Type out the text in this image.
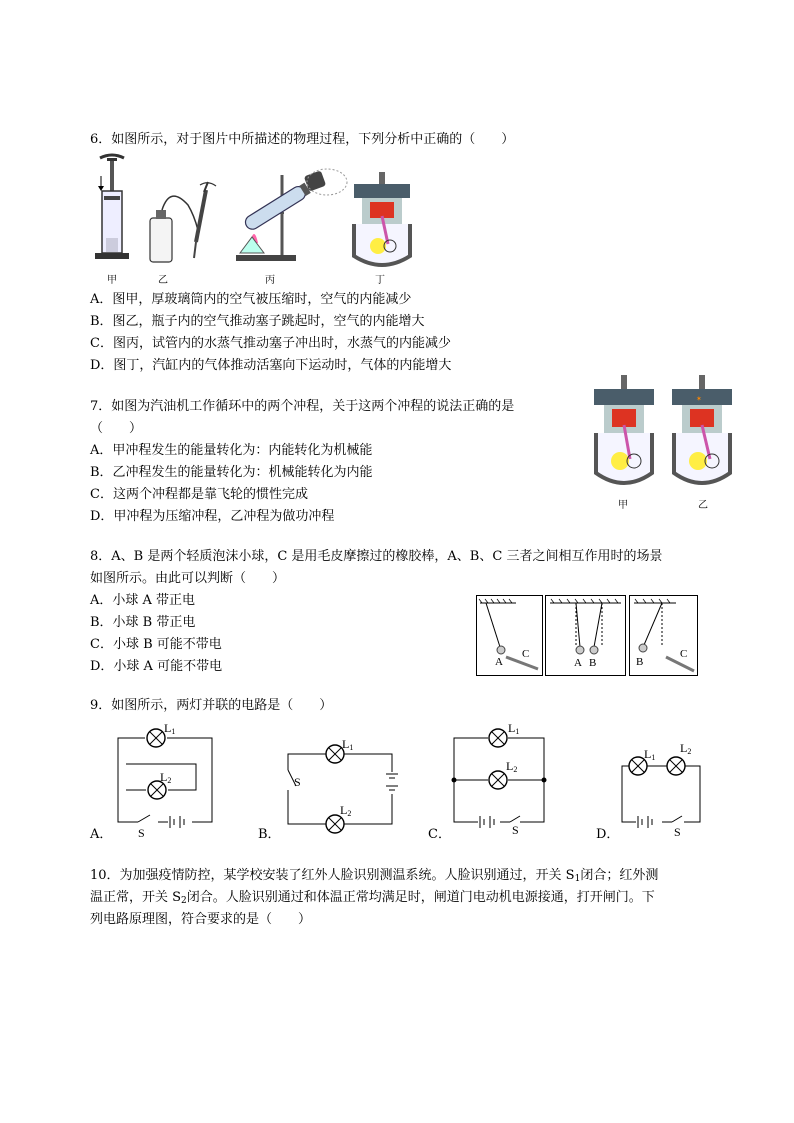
6．如图所示，对于图片中所描述的物理过程，下列分析中正确的（　　）
甲	乙	丙	丁
A．图甲，厚玻璃筒内的空气被压缩时，空气的内能减少
B．图乙，瓶子内的空气推动塞子跳起时，空气的内能增大
C．图丙，试管内的水蒸气推动塞子冲出时，水蒸气的内能减少
D．图丁，汽缸内的气体推动活塞向下运动时，气体的内能增大
7．如图为汽油机工作循环中的两个冲程，关于这两个冲程的说法正确的是
（　　）
A．甲冲程发生的能量转化为：内能转化为机械能
B．乙冲程发生的能量转化为：机械能转化为内能
C．这两个冲程都是靠飞轮的惯性完成
D．甲冲程为压缩冲程，乙冲程为做功冲程
✶
甲	乙
8．A、B 是两个轻质泡沫小球，C 是用毛皮摩擦过的橡胶棒，A、B、C 三者之间相互作用时的场景
如图所示。由此可以判断（　　）
A．小球 A 带正电
B．小球 B 带正电
C．小球 B 可能不带电
D．小球 A 可能不带电	A
C
A B	B
C
9．如图所示，两灯并联的电路是（　　）
L1
L2
S
A．
L1
L2
S
B．
L1
L2
S
C．
L1
L2
S
D．
10．为加强疫情防控，某学校安装了红外人脸识别测温系统。人脸识别通过，开关 $S_1$闭合；红外测
温正常，开关 $S_2$闭合。人脸识别通过和体温正常均满足时，闸道门电动机电源接通，打开闸门。下
列电路原理图，符合要求的是（　　）
